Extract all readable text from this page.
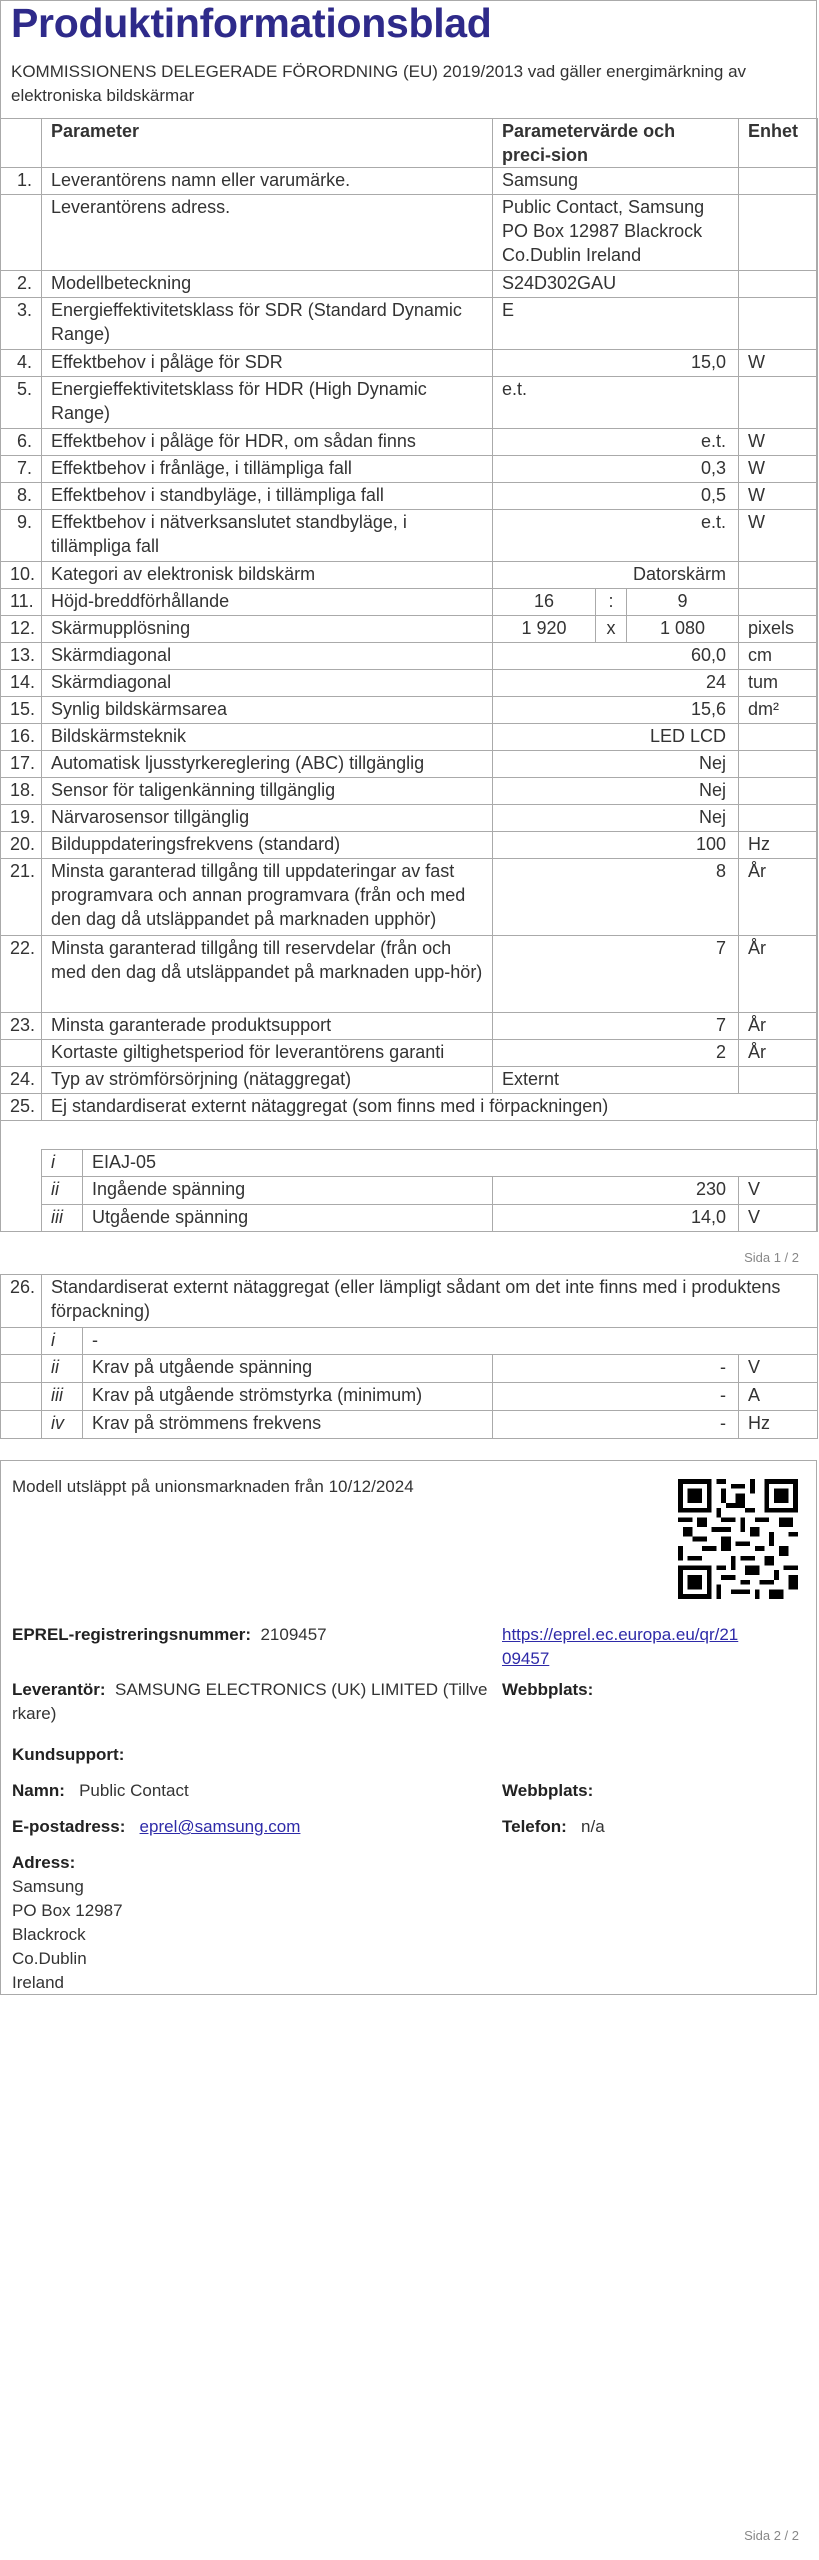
Produktinformationsblad
KOMMISSIONENS DELEGERADE FÖRORDNING (EU) 2019/2013 vad gäller energimärkning av elektroniska bildskärmar
	Parameter	Parametervärde och preci-sion			Enhet
1.	Leverantörens namn eller varumärke.	Samsung			
	Leverantörens adress.	Public Contact, Samsung PO Box 12987 Blackrock Co.Dublin Ireland			
2.	Modellbeteckning	S24D302GAU			
3.	Energieffektivitetsklass för SDR (Standard Dynamic Range)	E			
4.	Effektbehov i påläge för SDR	15,0			W
5.	Energieffektivitetsklass för HDR (High Dynamic Range)	e.t.			
6.	Effektbehov i påläge för HDR, om sådan finns	e.t.			W
7.	Effektbehov i frånläge, i tillämpliga fall	0,3			W
8.	Effektbehov i standbyläge, i tillämpliga fall	0,5			W
9.	Effektbehov i nätverksanslutet standbyläge, i tillämpliga fall	e.t.			W
10.	Kategori av elektronisk bildskärm	Datorskärm			
11.	Höjd-breddförhållande	16	:	9	
12.	Skärmupplösning	1 920	x	1 080	pixels
13.	Skärmdiagonal	60,0			cm
14.	Skärmdiagonal	24			tum
15.	Synlig bildskärmsarea	15,6			dm²
16.	Bildskärmsteknik	LED LCD			
17.	Automatisk ljusstyrkereglering (ABC) tillgänglig	Nej			
18.	Sensor för taligenkänning tillgänglig	Nej			
19.	Närvarosensor tillgänglig	Nej			
20.	Bilduppdateringsfrekvens (standard)	100			Hz
21.	Minsta garanterad tillgång till uppdateringar av fast programvara och annan programvara (från och med den dag då utsläppandet på marknaden upphör)	8			År
22.	Minsta garanterad tillgång till reservdelar (från och med den dag då utsläppandet på marknaden upp-hör)	7			År
23.	Minsta garanterade produktsupport	7			År
	Kortaste giltighetsperiod för leverantörens garanti	2			År
24.	Typ av strömförsörjning (nätaggregat)	Externt			
25.	Ej standardiserat externt nätaggregat (som finns med i förpackningen)				
i	EIAJ-05		
ii	Ingående spänning	230	V
iii	Utgående spänning	14,0	V
Sida 1 / 2
26.	Standardiserat externt nätaggregat (eller lämpligt sådant om det inte finns med i produktens förpackning)			
	i	-		
	ii	Krav på utgående spänning	-	V
	iii	Krav på utgående strömstyrka (minimum)	-	A
	iv	Krav på strömmens frekvens	-	Hz
Modell utsläppt på unionsmarknaden från 10/12/2024
EPREL-registreringsnummer: 2109457	https://eprel.ec.europa.eu/qr/21
09457
Leverantör: SAMSUNG ELECTRONICS (UK) LIMITED (Tillve
rkare)
Webbplats:
Kundsupport:
Namn: Public Contact	Webbplats:
E-postadress: eprel@samsung.com	Telefon: n/a
Adress:
Samsung
PO Box 12987
Blackrock
Co.Dublin
Ireland
Sida 2 / 2
